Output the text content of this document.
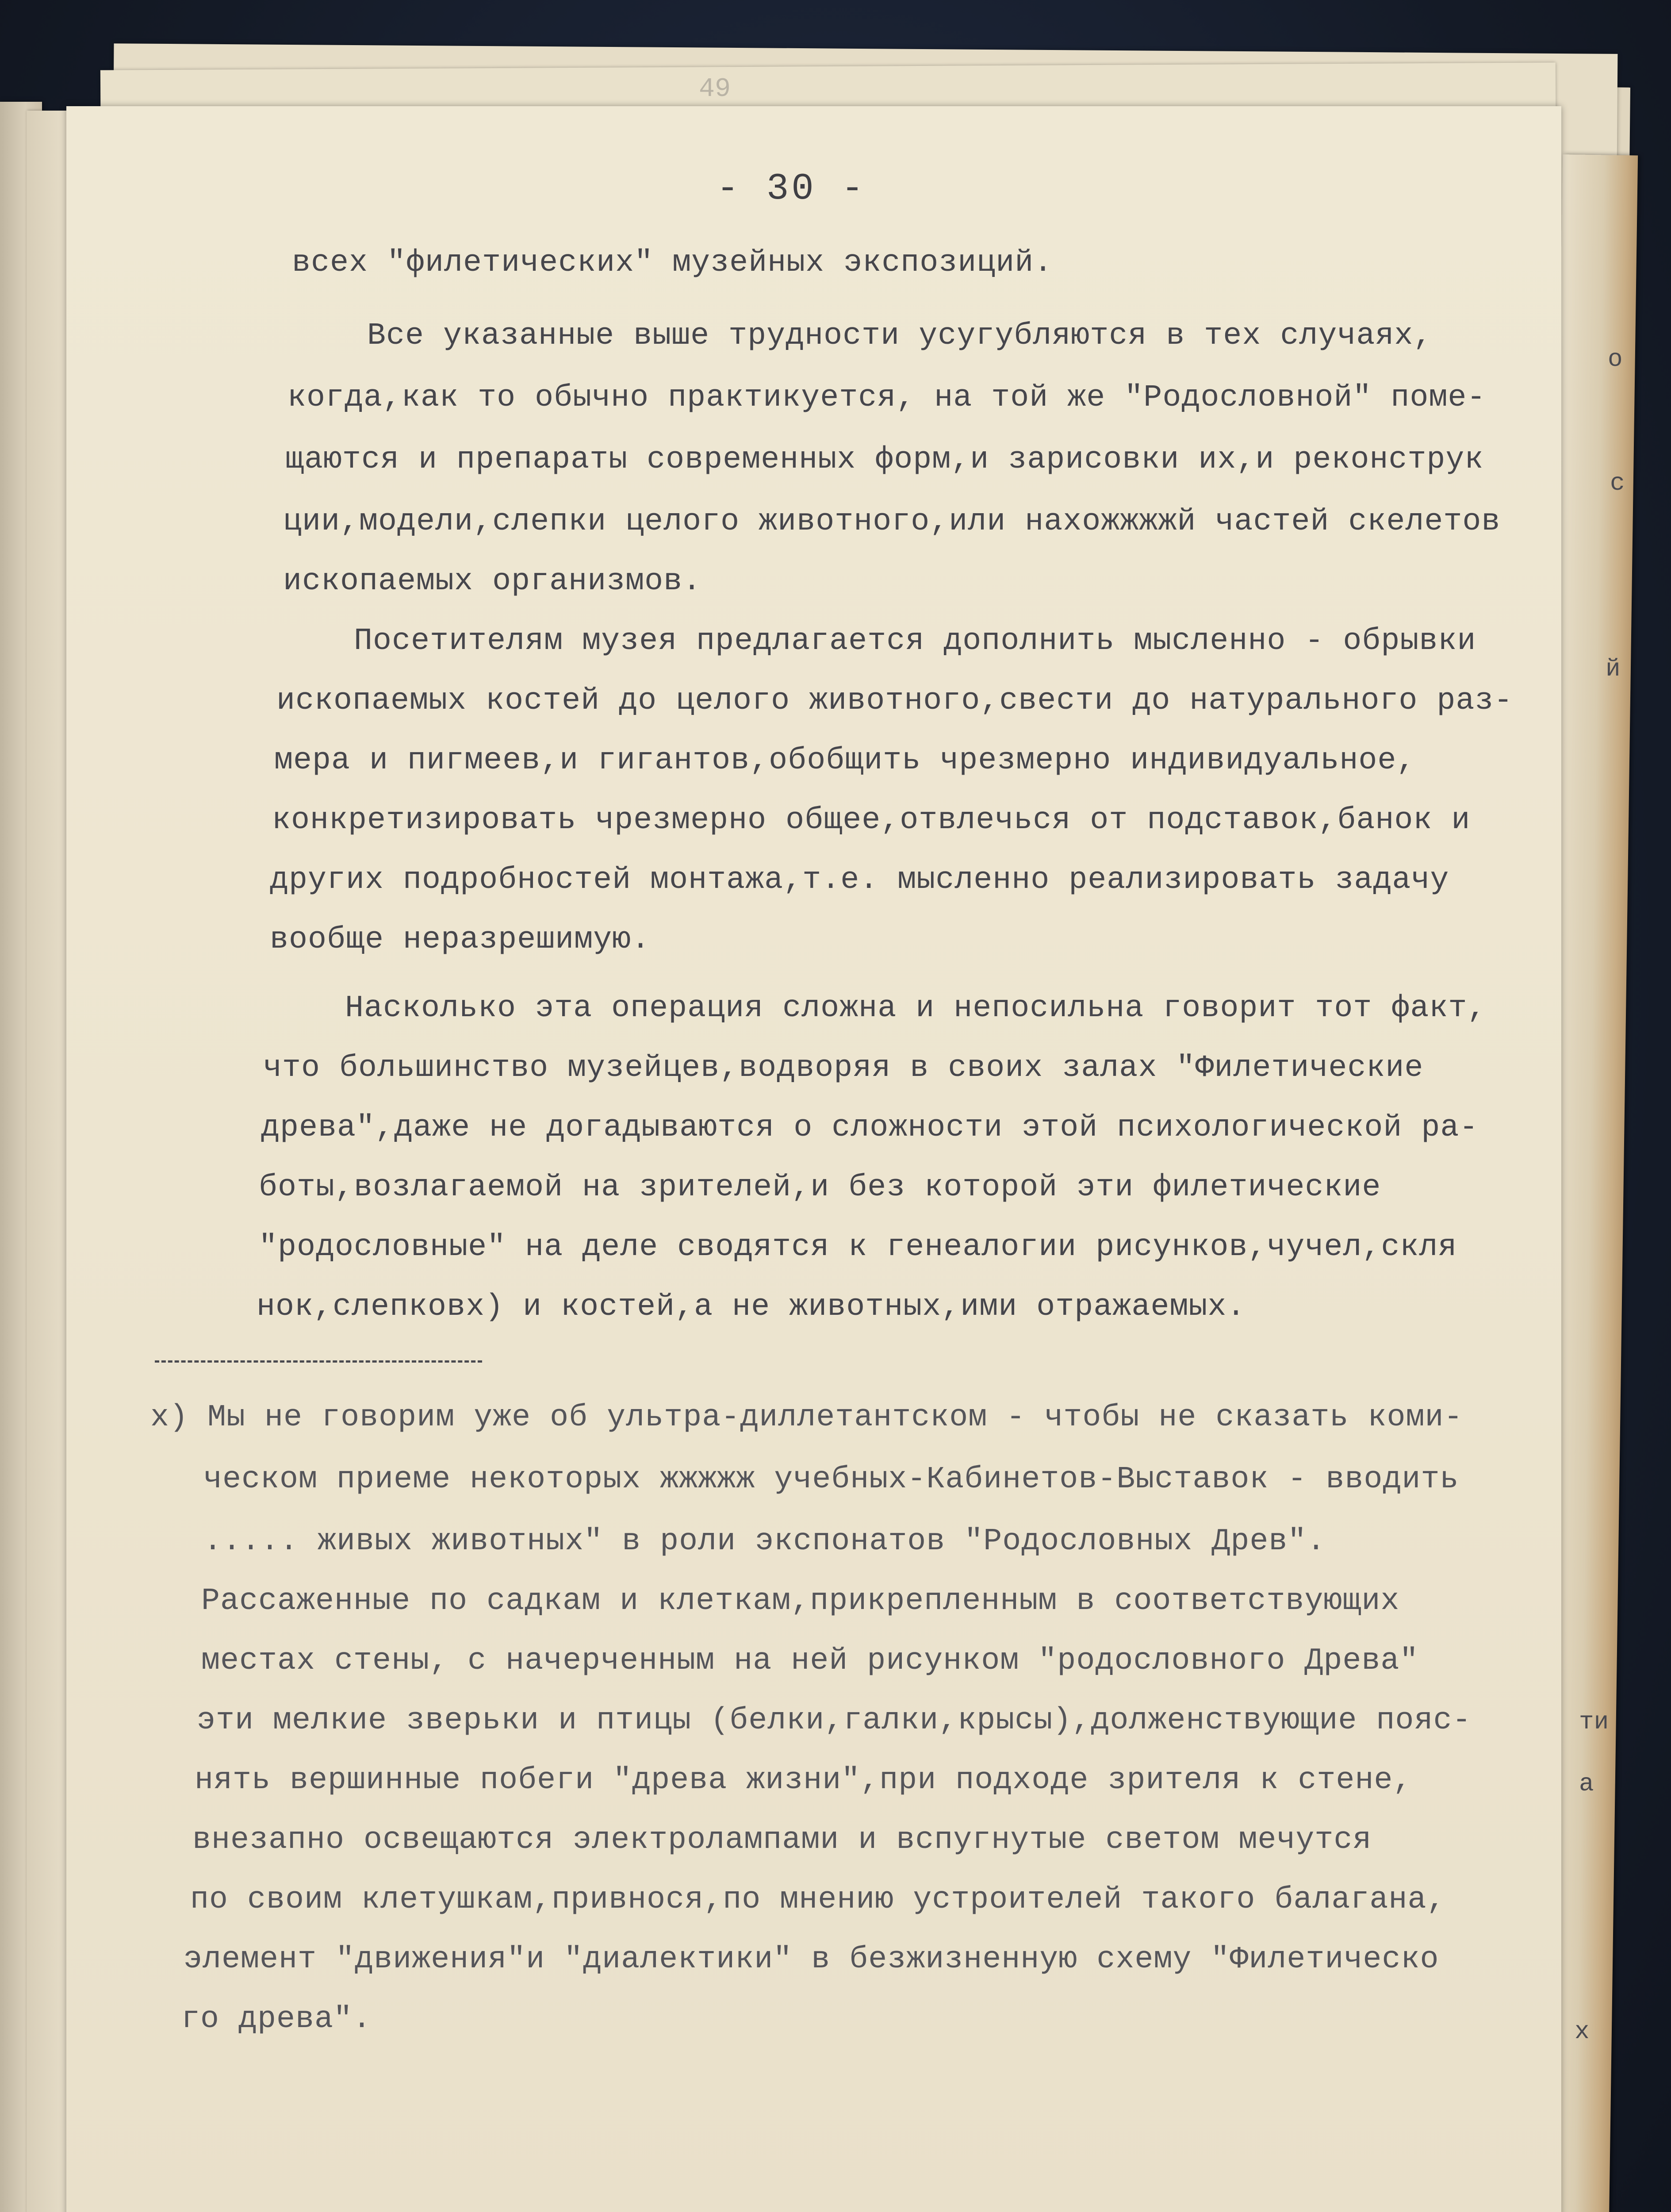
о
с
й
ти
а
х
49
- 30 -
всех "филетических" музейных экспозиций.
Все указанные выше трудности усугубляются в тех случаях,
когда,как то обычно практикуется, на той же "Родословной" поме-
щаются и препараты современных форм,и зарисовки их,и реконструк
ции,модели,слепки целого животного,или нахожжжжй частей скелетов
ископаемых организмов.
Посетителям музея предлагается дополнить мысленно - обрывки
ископаемых костей до целого животного,свести до натурального раз-
мера и пигмеев,и гигантов,обобщить чрезмерно индивидуальное,
конкретизировать чрезмерно общее,отвлечься от подставок,банок и
других подробностей монтажа,т.е. мысленно реализировать задачу
вообще неразрешимую.
Насколько эта операция сложна и непосильна говорит тот факт,
что большинство музейцев,водворяя в своих залах "Филетические
древа",даже не догадываются о сложности этой психологической ра-
боты,возлагаемой на зрителей,и без которой эти филетические
"родословные" на деле сводятся к генеалогии рисунков,чучел,скля
нок,слепковx) и костей,а не животных,ими отражаемых.
x) Мы не говорим уже об ультра-диллетантском - чтобы не сказать коми-
ческом приеме некоторых жжжжж учебных-Кабинетов-Выставок - вводить
..... живых животных" в роли экспонатов "Родословных Древ".
Рассаженные по садкам и клеткам,прикрепленным в соответствующих
местах стены, с начерченным на ней рисунком "родословного Древа"
эти мелкие зверьки и птицы (белки,галки,крысы),долженствующие пояс-
нять вершинные побеги "древа жизни",при подходе зрителя к стене,
внезапно освещаются электролампами и вспугнутые светом мечутся
по своим клетушкам,привнося,по мнению устроителей такого балагана,
элемент "движения"и "диалектики" в безжизненную схему "Филетическо
го древа".
